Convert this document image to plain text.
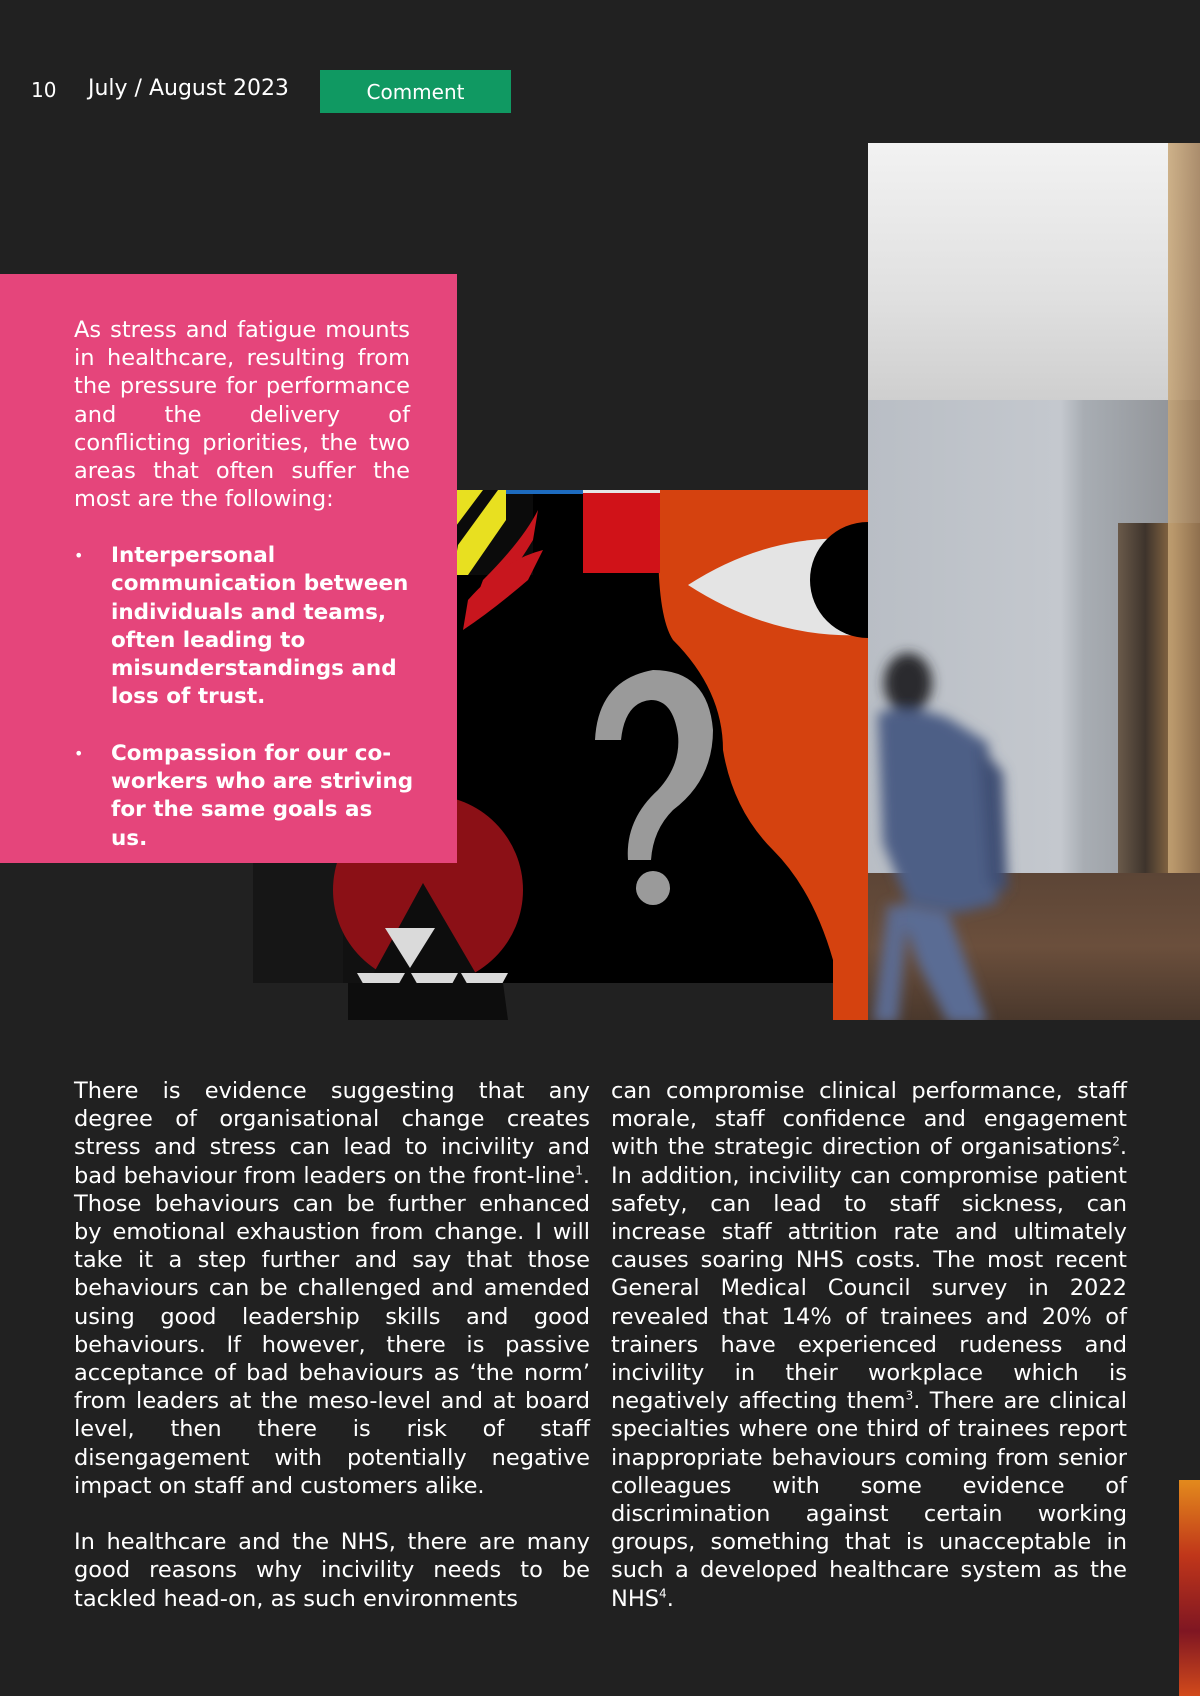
10 July / August 2023	Comment
As stress and fatigue mounts in healthcare, resulting from the pressure for performance and the delivery of conflicting priorities, the two areas that often suffer the most are the following:
• Interpersonal communication between individuals and teams, often leading to misunderstandings and loss of trust.
• Compassion for our co-workers who are striving for the same goals as us.

There is evidence suggesting that any degree of organisational change creates stress and stress can lead to incivility and bad behaviour from leaders on the front-line$^1$. Those behaviours can be further enhanced by emotional exhaustion from change. I will take it a step further and say that those behaviours can be challenged and amended using good leadership skills and good behaviours. If however, there is passive acceptance of bad behaviours as ‘the norm’ from leaders at the meso-level and at board level, then there is risk of staff disengagement with potentially negative impact on staff and customers alike.

In healthcare and the NHS, there are many good reasons why incivility needs to be tackled head-on, as such environments

can compromise clinical performance, staff morale, staff confidence and engagement with the strategic direction of organisations$^2$. In addition, incivility can compromise patient safety, can lead to staff sickness, can increase staff attrition rate and ultimately causes soaring NHS costs. The most recent General Medical Council survey in 2022 revealed that 14% of trainees and 20% of trainers have experienced rudeness and incivility in their workplace which is negatively affecting them$^3$. There are clinical specialties where one third of trainees report inappropriate behaviours coming from senior colleagues with some evidence of discrimination against certain working groups, something that is unacceptable in such a developed healthcare system as the NHS$^4$.
